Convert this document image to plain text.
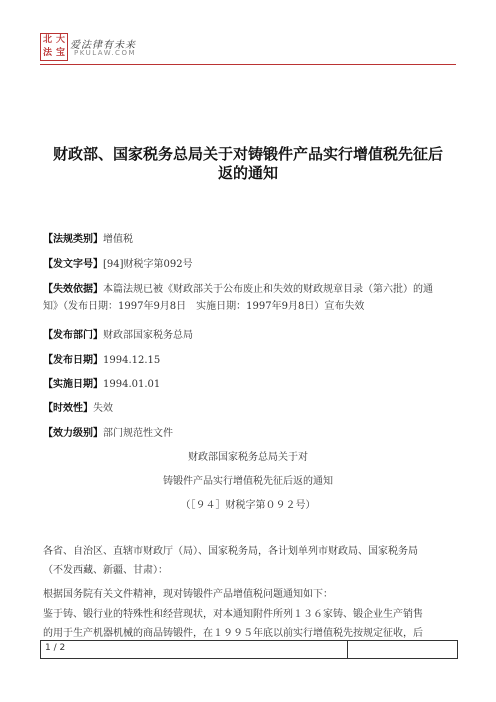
北 大
法 宝
爱法律有未来
PKULAW.COM
财政部、国家税务总局关于对铸锻件产品实行增值税先征后
返的通知
【法规类别】增值税
【发文字号】[94]财税字第092号
【失效依据】本篇法规已被《财政部关于公布废止和失效的财政规章目录（第六批）的通
知》（发布日期：1997年9月8日　实施日期：1997年9月8日）宣布失效
【发布部门】财政部国家税务总局
【发布日期】1994.12.15
【实施日期】1994.01.01
【时效性】失效
【效力级别】部门规范性文件
财政部国家税务总局关于对
铸锻件产品实行增值税先征后返的通知
（［９４］财税字第０９２号）
各省、自治区、直辖市财政厅（局）、国家税务局，各计划单列市财政局、国家税务局
（不发西藏、新疆、甘肃）：
根据国务院有关文件精神，现对铸锻件产品增值税问题通知如下：
鉴于铸、锻行业的特殊性和经营现状，对本通知附件所列１３６家铸、锻企业生产销售
的用于生产机器机械的商品铸锻件，在１９９５年底以前实行增值税先按规定征收，后
1 / 2
